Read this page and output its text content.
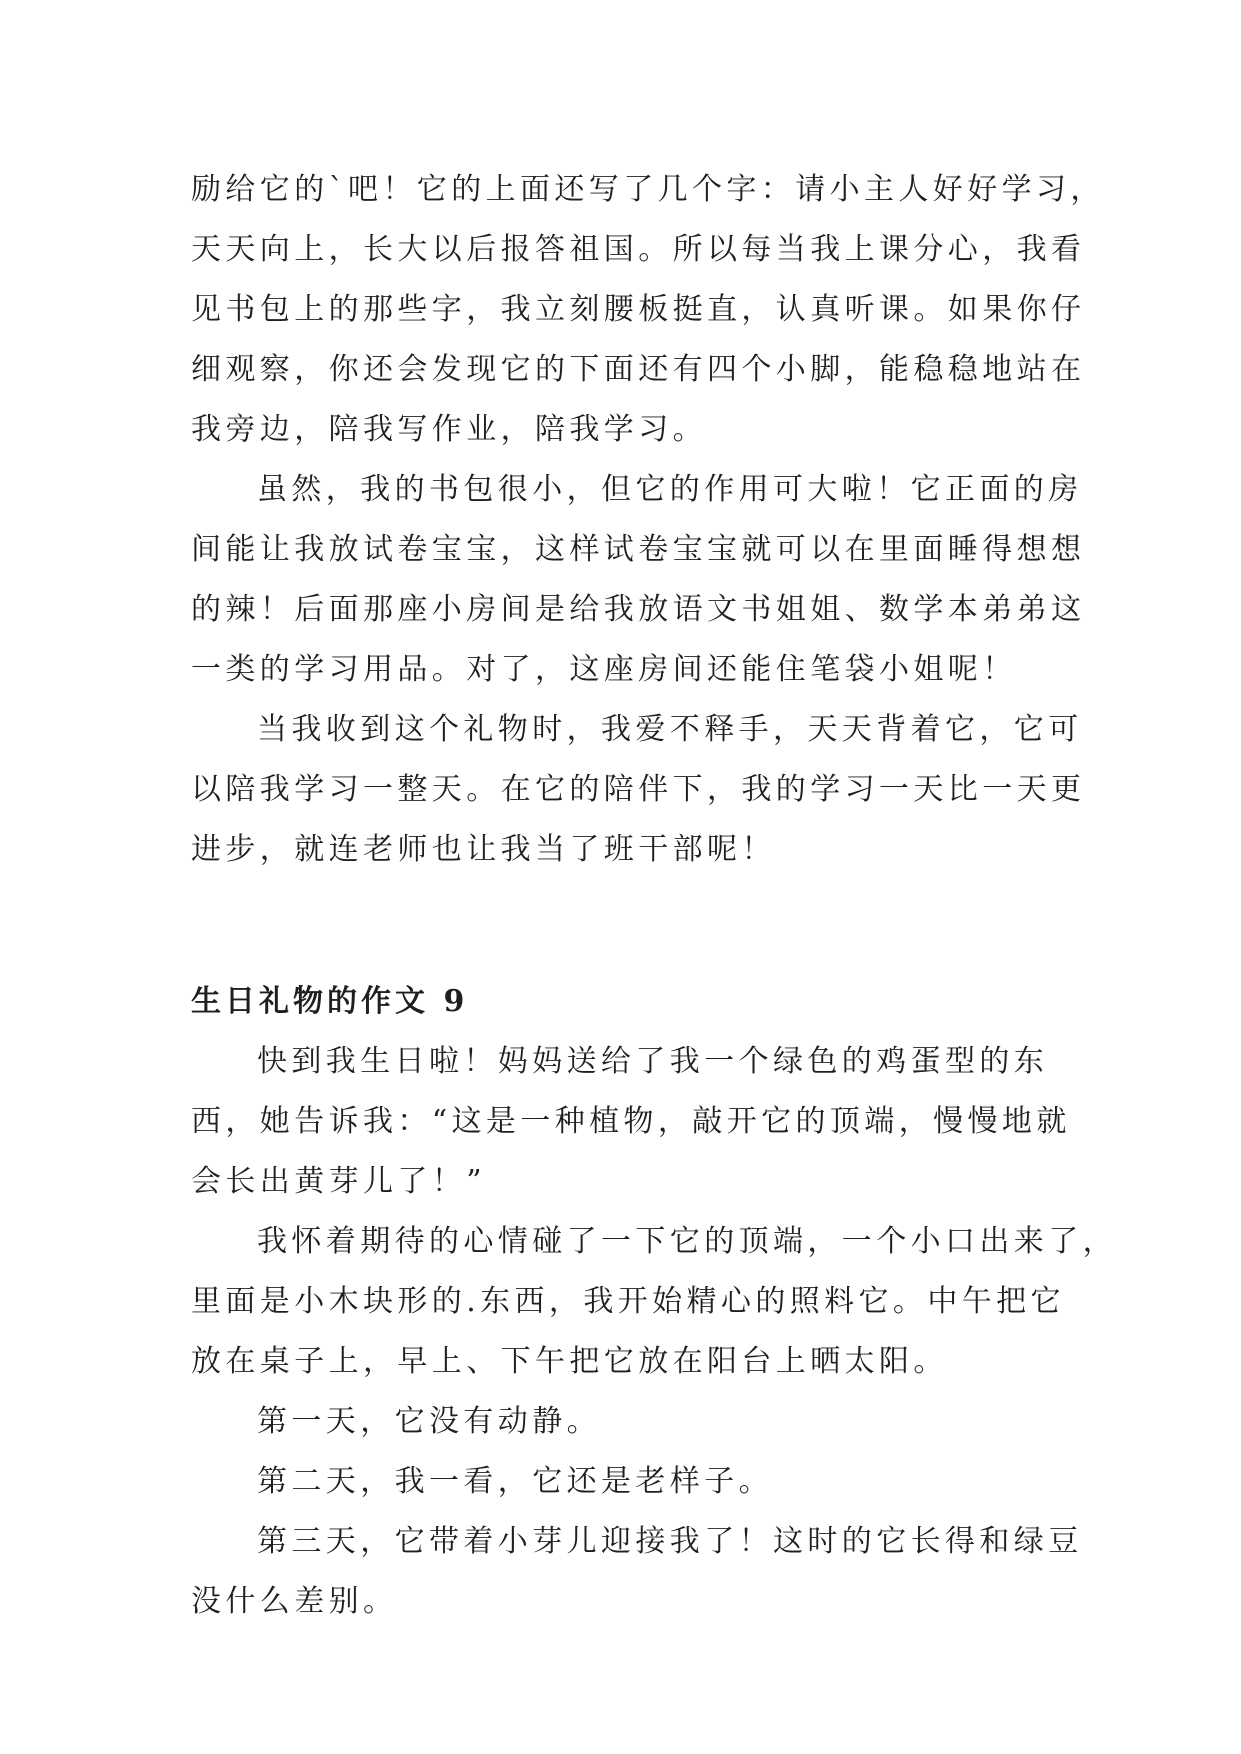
励给它的`吧！它的上面还写了几个字：请小主人好好学习，

天天向上，长大以后报答祖国。所以每当我上课分心，我看

见书包上的那些字，我立刻腰板挺直，认真听课。如果你仔

细观察，你还会发现它的下面还有四个小脚，能稳稳地站在

我旁边，陪我写作业，陪我学习。

虽然，我的书包很小，但它的作用可大啦！它正面的房

间能让我放试卷宝宝，这样试卷宝宝就可以在里面睡得想想

的辣！后面那座小房间是给我放语文书姐姐、数学本弟弟这

一类的学习用品。对了，这座房间还能住笔袋小姐呢！

当我收到这个礼物时，我爱不释手，天天背着它，它可

以陪我学习一整天。在它的陪伴下，我的学习一天比一天更

进步，就连老师也让我当了班干部呢！

生日礼物的作文 9

快到我生日啦！妈妈送给了我一个绿色的鸡蛋型的东

西，她告诉我：“这是一种植物，敲开它的顶端，慢慢地就

会长出黄芽儿了！”

我怀着期待的心情碰了一下它的顶端，一个小口出来了，

里面是小木块形的.东西，我开始精心的照料它。中午把它

放在桌子上，早上、下午把它放在阳台上晒太阳。

第一天，它没有动静。

第二天，我一看，它还是老样子。

第三天，它带着小芽儿迎接我了！这时的它长得和绿豆

没什么差别。
